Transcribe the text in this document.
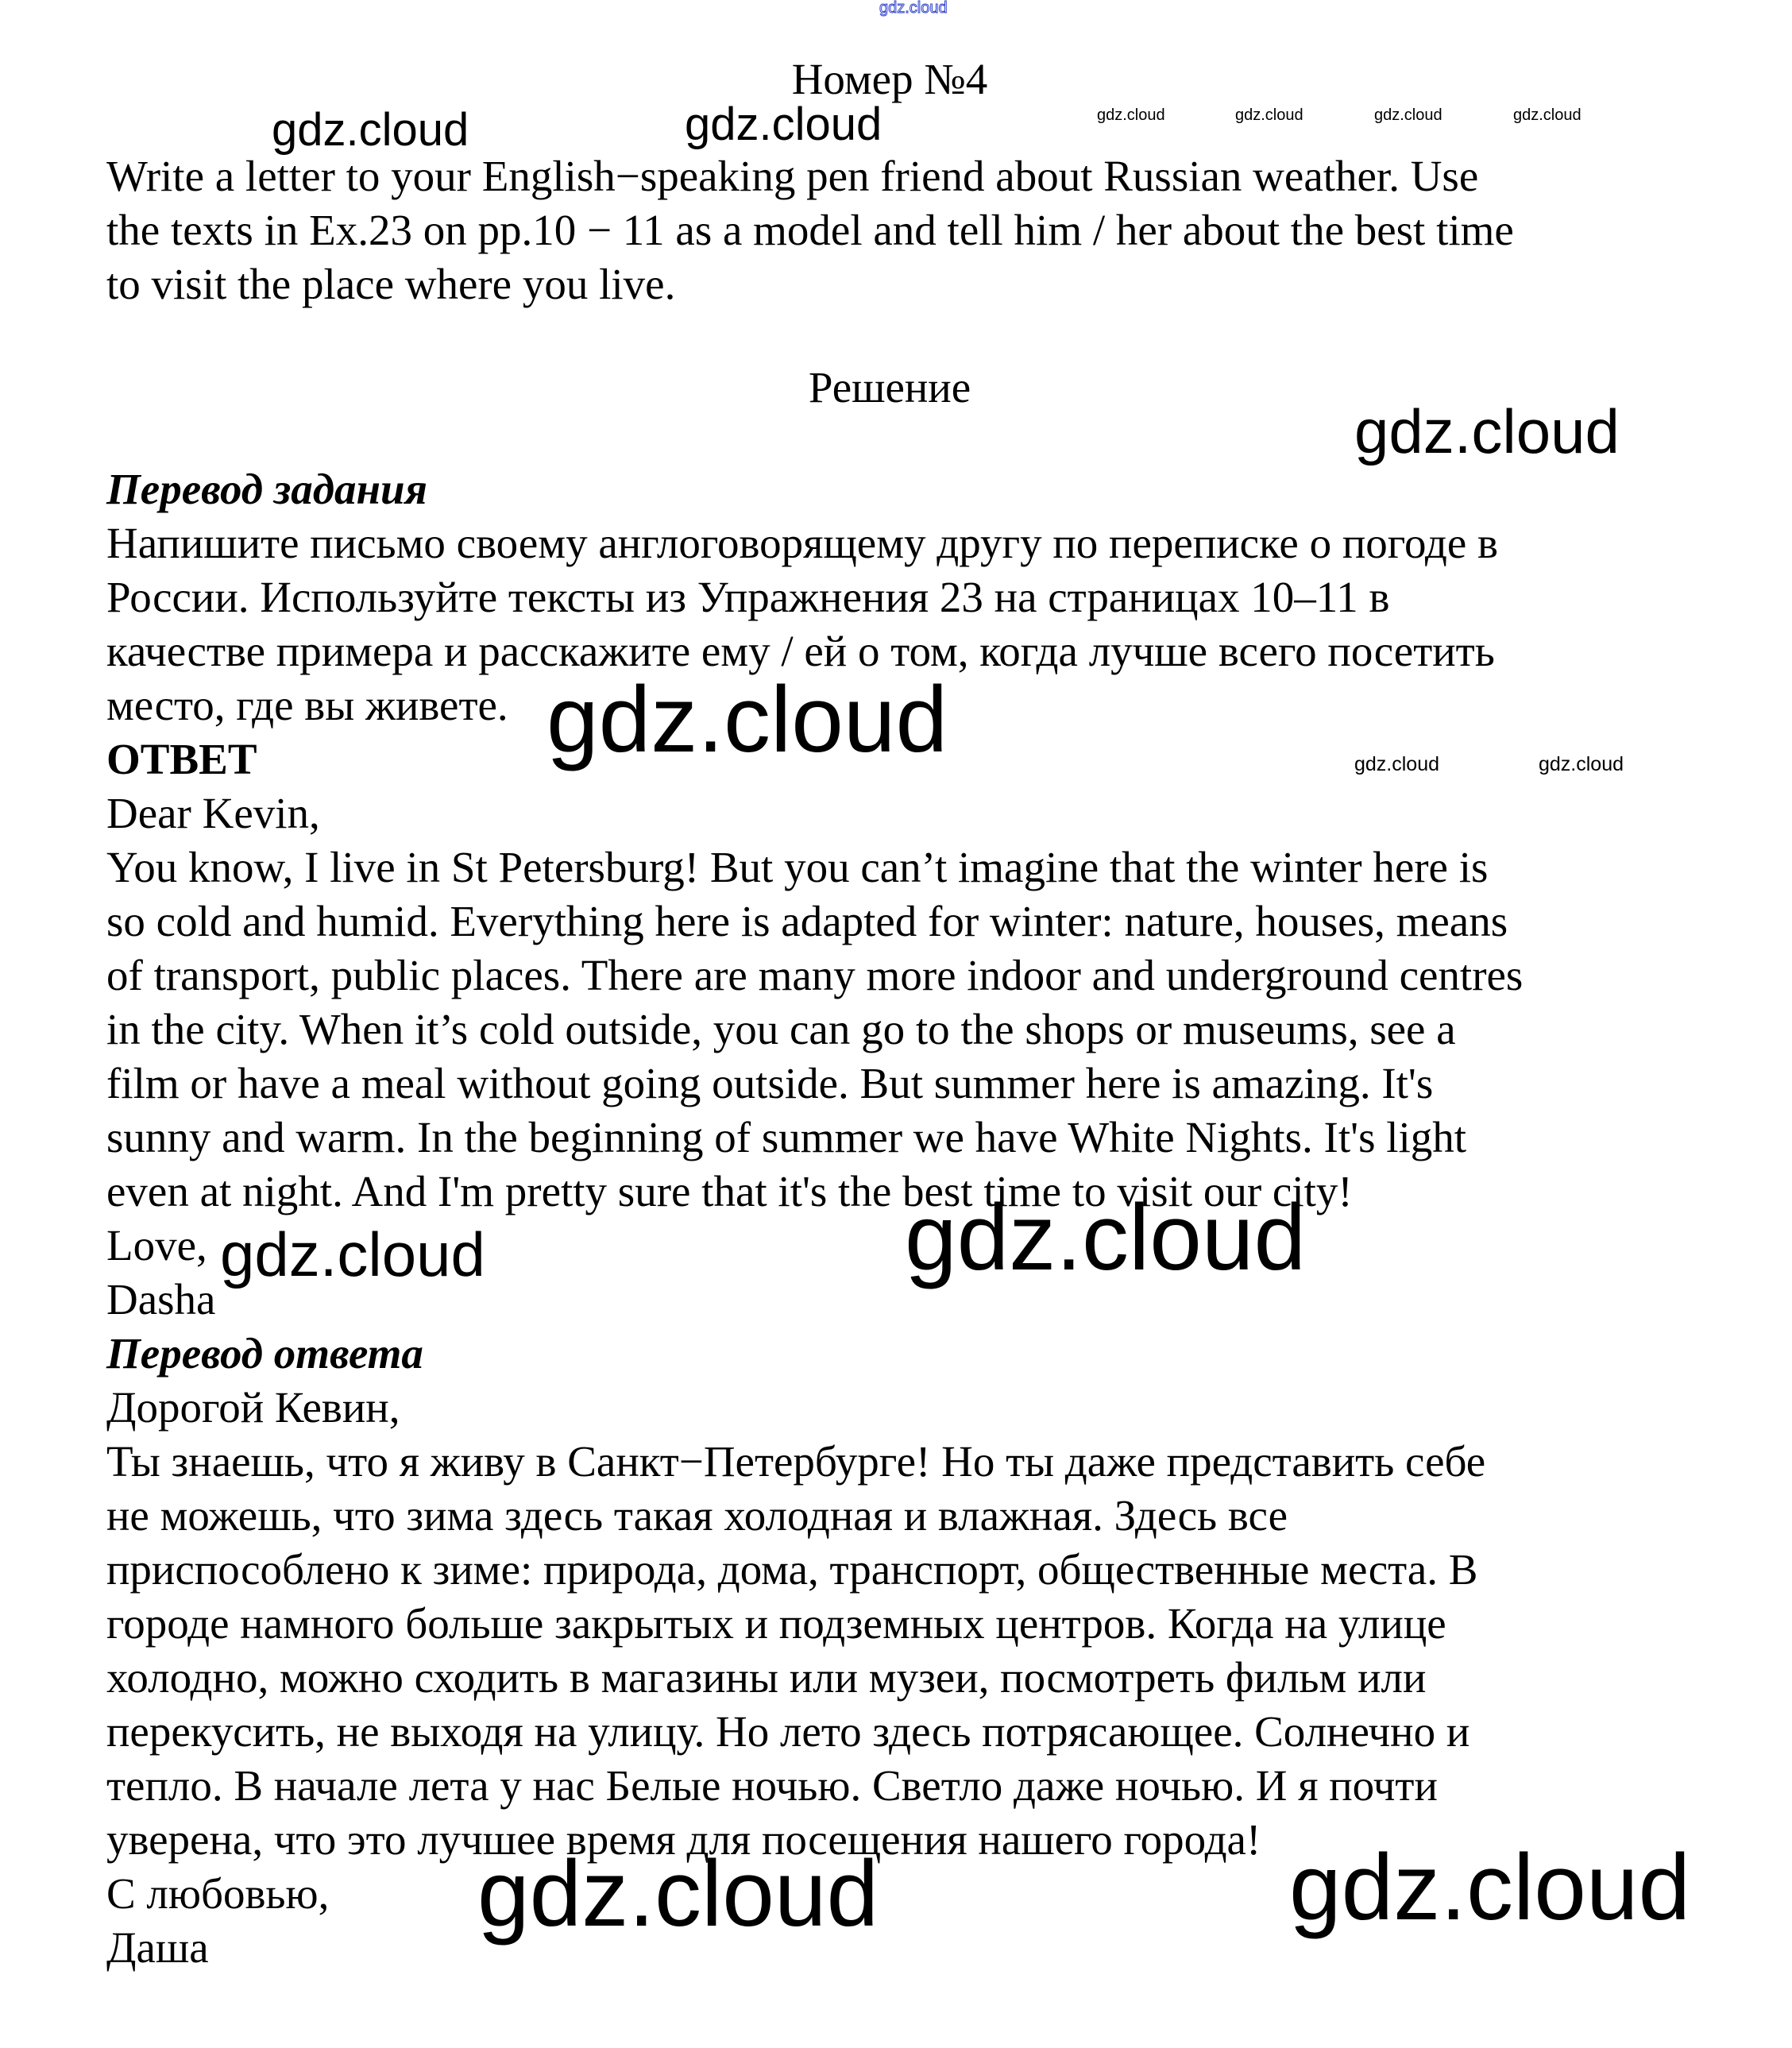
Номер №4
Write a letter to your English−speaking pen friend about Russian weather. Use
the texts in Ex.23 on pp.10 − 11 as a model and tell him / her about the best time
to visit the place where you live.
Решение
Перевод задания
Напишите письмо своему англоговорящему другу по переписке о погоде в
России. Используйте тексты из Упражнения 23 на страницах 10–11 в
качестве примера и расскажите ему / ей о том, когда лучше всего посетить
место, где вы живете.
ОТВЕТ
Dear Kevin,
You know, I live in St Petersburg! But you can’t imagine that the winter here is
so cold and humid. Everything here is adapted for winter: nature, houses, means
of transport, public places. There are many more indoor and underground centres
in the city. When it’s cold outside, you can go to the shops or museums, see a
film or have a meal without going outside. But summer here is amazing. It's
sunny and warm. In the beginning of summer we have White Nights. It's light
even at night. And I'm pretty sure that it's the best time to visit our city!
Love,
Dasha
Перевод ответа
Дорогой Кевин,
Ты знаешь, что я живу в Санкт−Петербурге! Но ты даже представить себе
не можешь, что зима здесь такая холодная и влажная. Здесь все
приспособлено к зиме: природа, дома, транспорт, общественные места. В
городе намного больше закрытых и подземных центров. Когда на улице
холодно, можно сходить в магазины или музеи, посмотреть фильм или
перекусить, не выходя на улицу. Но лето здесь потрясающее. Солнечно и
тепло. В начале лета у нас Белые ночью. Светло даже ночью. И я почти
уверена, что это лучшее время для посещения нашего города!
С любовью,
Даша
gdz.cloud
gdz.cloud	gdz.cloud	gdz.cloud	gdz.cloud	gdz.cloud	gdz.cloud
gdz.cloud
gdz.cloud	gdz.cloud	gdz.cloud
gdz.cloud	gdz.cloud
gdz.cloud	gdz.cloud
